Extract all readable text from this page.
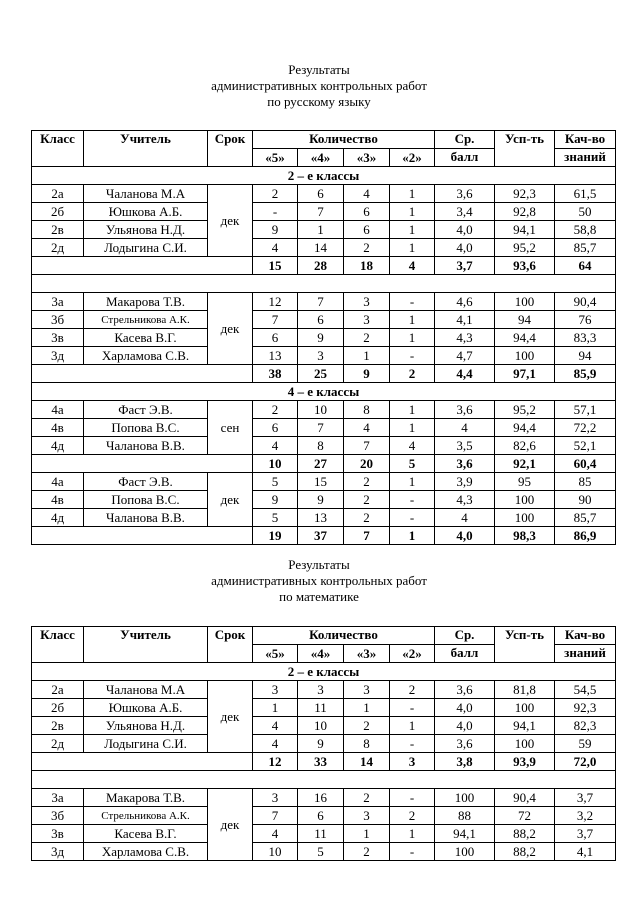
Результаты
административных контрольных работ
по русскому языку
Класс	Учитель	Срок	Количество				Ср.	Усп-ть	Кач-во
			«5»	«4»	«3»	«2»	балл		знаний
2 – е классы									
2а	Чаланова М.А	дек	2	6	4	1	3,6	92,3	61,5
2б	Юшкова А.Б.		-	7	6	1	3,4	92,8	50
2в	Ульянова Н.Д.		9	1	6	1	4,0	94,1	58,8
2д	Лодыгина С.И.		4	14	2	1	4,0	95,2	85,7
			15	28	18	4	3,7	93,6	64

3а	Макарова Т.В.	дек	12	7	3	-	4,6	100	90,4
3б	Стрельникова А.К.		7	6	3	1	4,1	94	76
3в	Касева В.Г.		6	9	2	1	4,3	94,4	83,3
3д	Харламова С.В.		13	3	1	-	4,7	100	94
			38	25	9	2	4,4	97,1	85,9
4 – е классы									
4а	Фаст Э.В.	сен	2	10	8	1	3,6	95,2	57,1
4в	Попова В.С.		6	7	4	1	4	94,4	72,2
4д	Чаланова В.В.		4	8	7	4	3,5	82,6	52,1
			10	27	20	5	3,6	92,1	60,4
4а	Фаст Э.В.	дек	5	15	2	1	3,9	95	85
4в	Попова В.С.		9	9	2	-	4,3	100	90
4д	Чаланова В.В.		5	13	2	-	4	100	85,7
			19	37	7	1	4,0	98,3	86,9
Результаты
административных контрольных работ
по математике
Класс	Учитель	Срок	Количество				Ср.	Усп-ть	Кач-во
			«5»	«4»	«3»	«2»	балл		знаний
2 – е классы									
2а	Чаланова М.А	дек	3	3	3	2	3,6	81,8	54,5
2б	Юшкова А.Б.		1	11	1	-	4,0	100	92,3
2в	Ульянова Н.Д.		4	10	2	1	4,0	94,1	82,3
2д	Лодыгина С.И.		4	9	8	-	3,6	100	59
			12	33	14	3	3,8	93,9	72,0

3а	Макарова Т.В.	дек	3	16	2	-	100	90,4	3,7
3б	Стрельникова А.К.		7	6	3	2	88	72	3,2
3в	Касева В.Г.		4	11	1	1	94,1	88,2	3,7
3д	Харламова С.В.		10	5	2	-	100	88,2	4,1
